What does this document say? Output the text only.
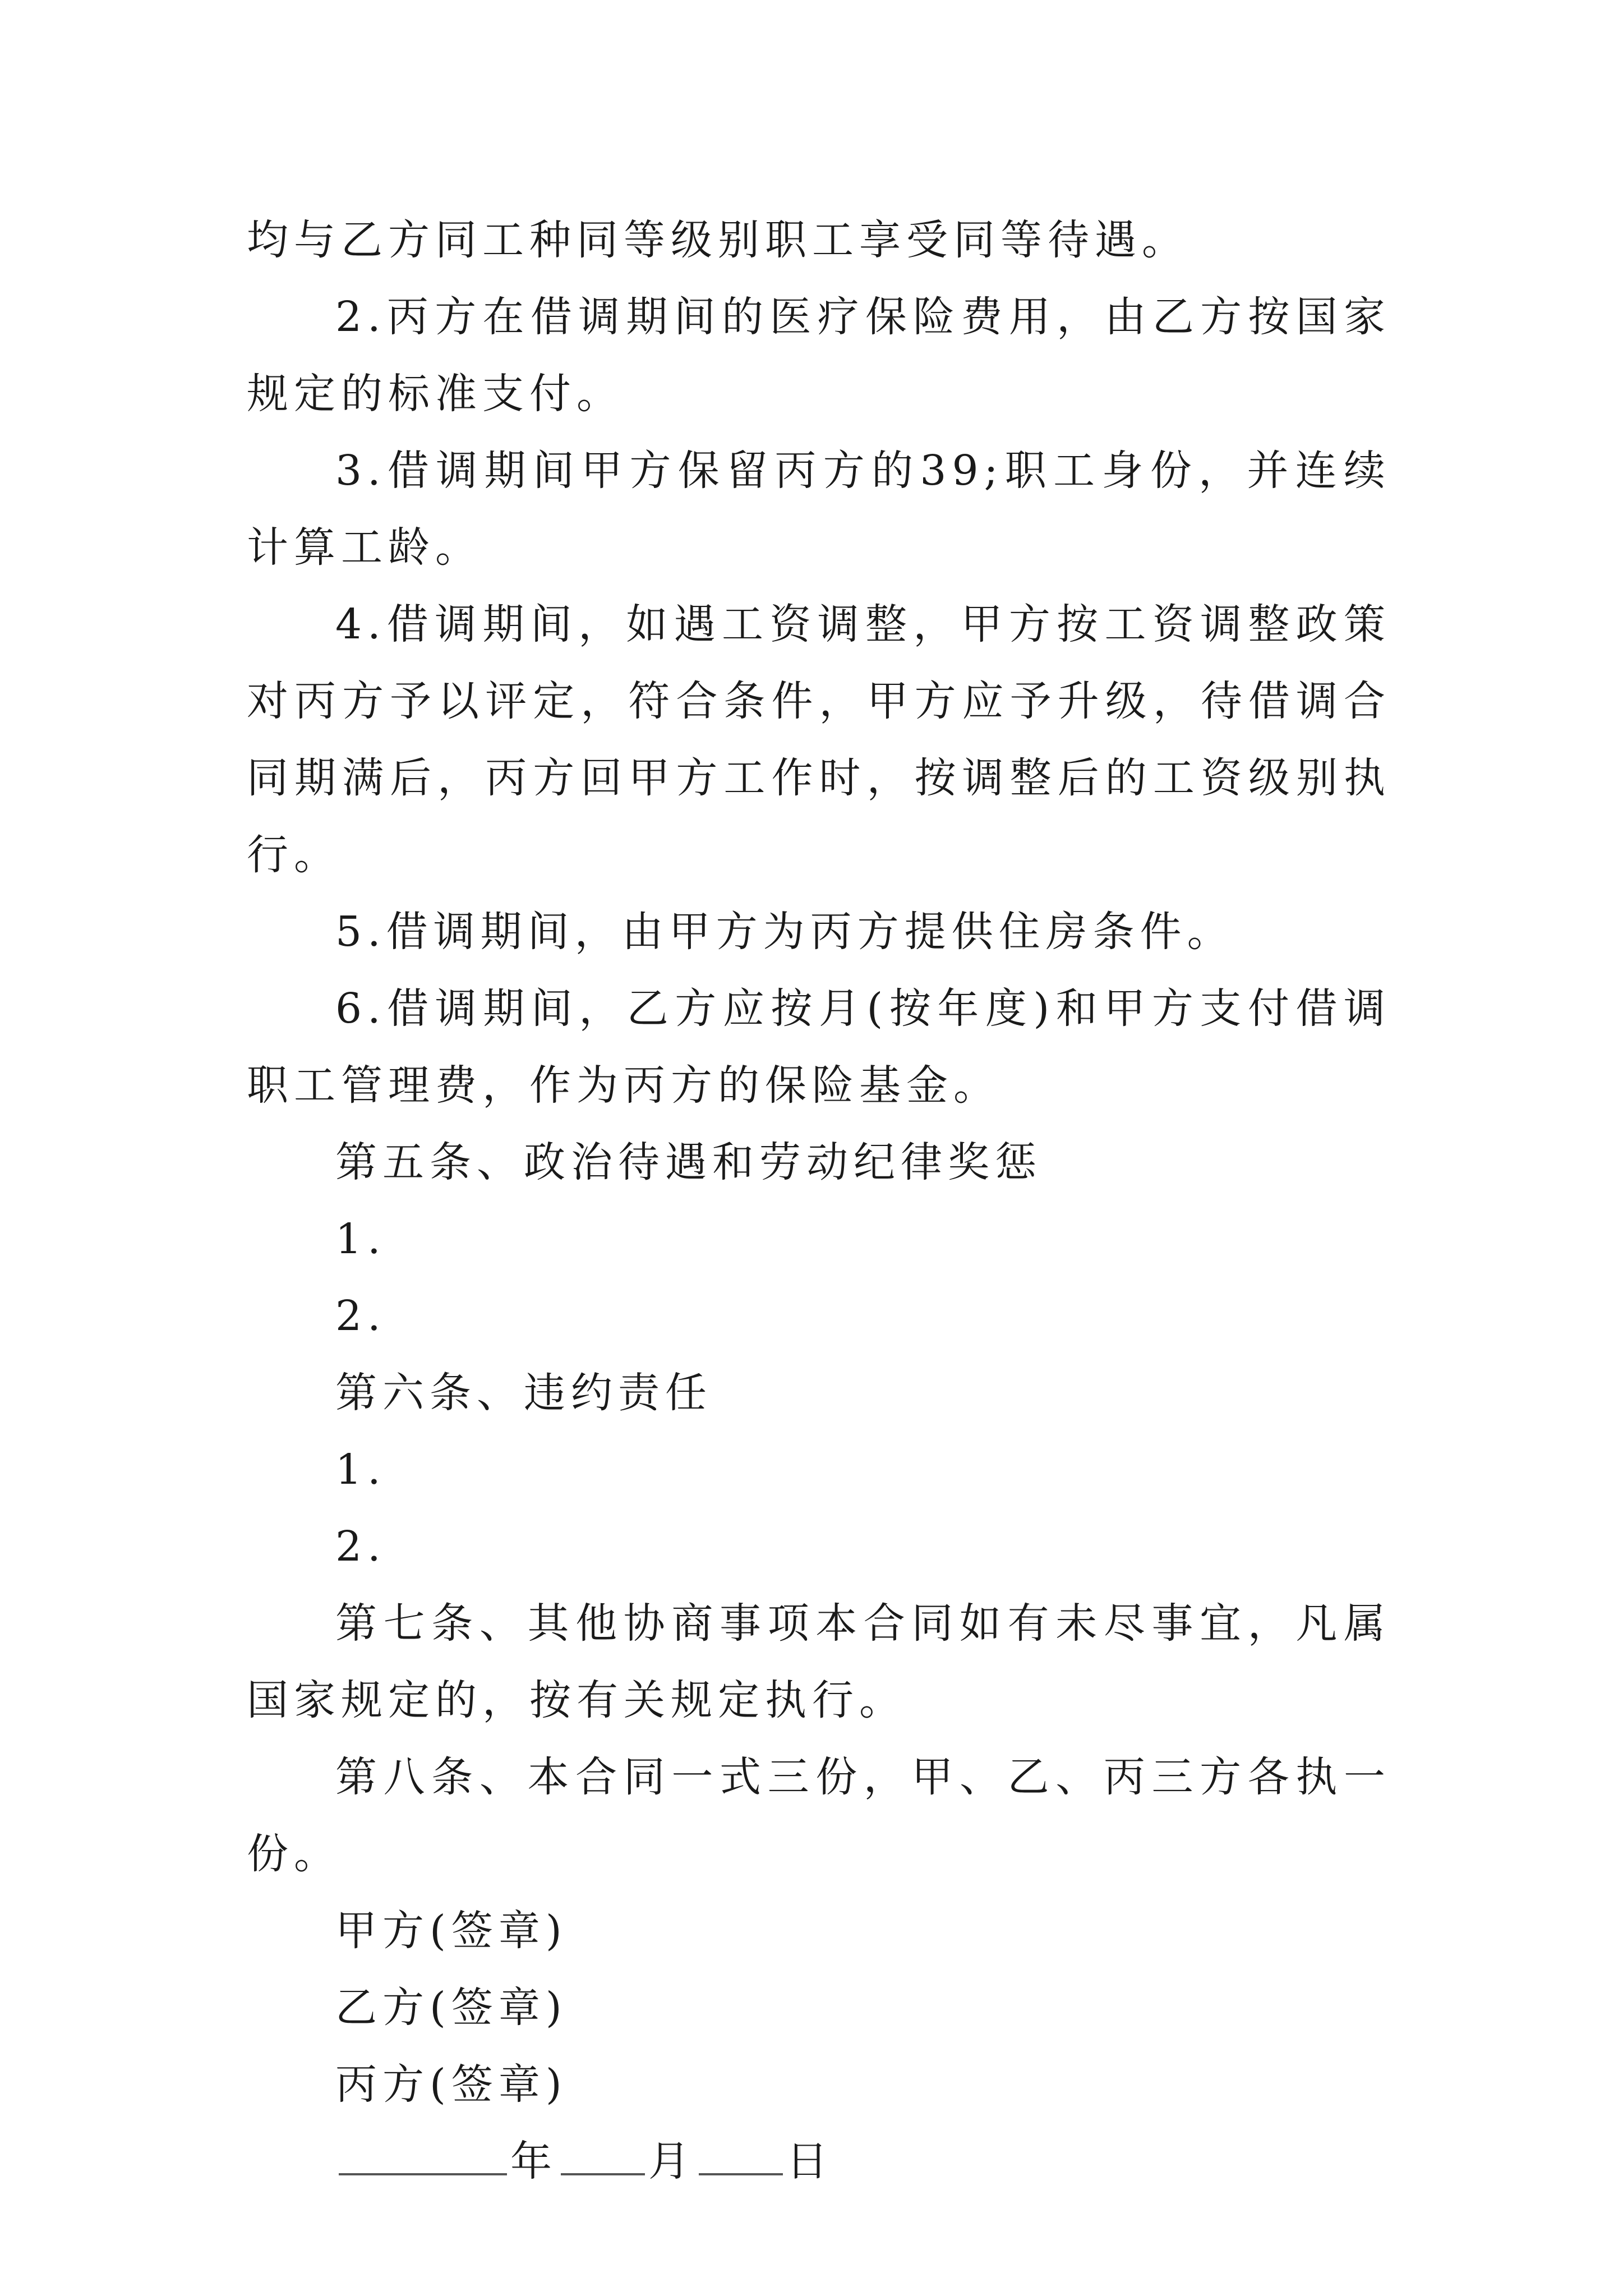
均与乙方同工种同等级别职工享受同等待遇。

2.丙方在借调期间的医疗保险费用，由乙方按国家规定的标准支付。

3.借调期间甲方保留丙方的39;职工身份，并连续计算工龄。

4.借调期间，如遇工资调整，甲方按工资调整政策对丙方予以评定，符合条件，甲方应予升级，待借调合同期满后，丙方回甲方工作时，按调整后的工资级别执行。

5.借调期间，由甲方为丙方提供住房条件。

6.借调期间，乙方应按月(按年度)和甲方支付借调职工管理费，作为丙方的保险基金。

第五条、政治待遇和劳动纪律奖惩

1.

2.

第六条、违约责任

1.

2.

第七条、其他协商事项本合同如有未尽事宜，凡属国家规定的，按有关规定执行。

第八条、本合同一式三份，甲、乙、丙三方各执一份。

甲方(签章)

乙方(签章)

丙方(签章)

年 月 日
